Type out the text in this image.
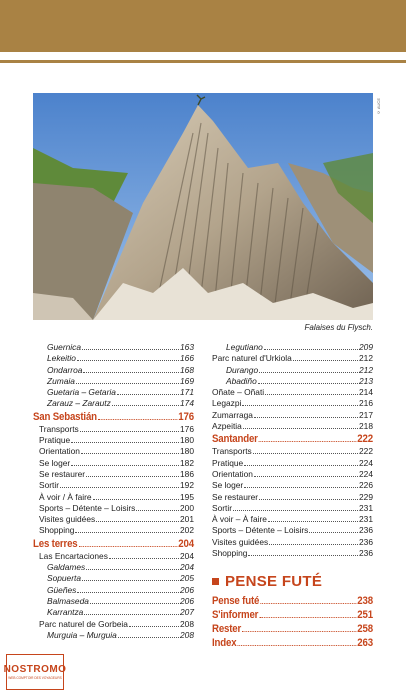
© AUCE
Falaises du Flysch.
Guernica	163
Lekeitio	166
Ondarroa	168
Zumaia	169
Guetaria – Getaria	171
Zarauz – Zarautz	174
San Sebastián	176
Transports	176
Pratique	180
Orientation	180
Se loger	182
Se restaurer	186
Sortir	192
À voir / À faire	195
Sports – Détente – Loisirs	200
Visites guidées	201
Shopping	202
Les terres	204
Las Encartaciones	204
Galdames	204
Sopuerta	205
Güeñes	206
Balmaseda	206
Karrantza	207
Parc naturel de Gorbeia	208
Murguia – Murguia	208
Legutiano	209
Parc naturel d'Urkiola	212
Durango	212
Abadiño	213
Oñate – Oñati	214
Legazpi	216
Zumarraga	217
Azpeitia	218
Santander	222
Transports	222
Pratique	224
Orientation	224
Se loger	226
Se restaurer	229
Sortir	231
À voir – À faire	231
Sports – Détente – Loisirs	236
Visites guidées	236
Shopping	236
PENSE FUTÉ
Pense futé	238
S'informer	251
Rester	258
Index	263
NOSTROMO
WEB COMPTOIR DES VOYAGEURS
